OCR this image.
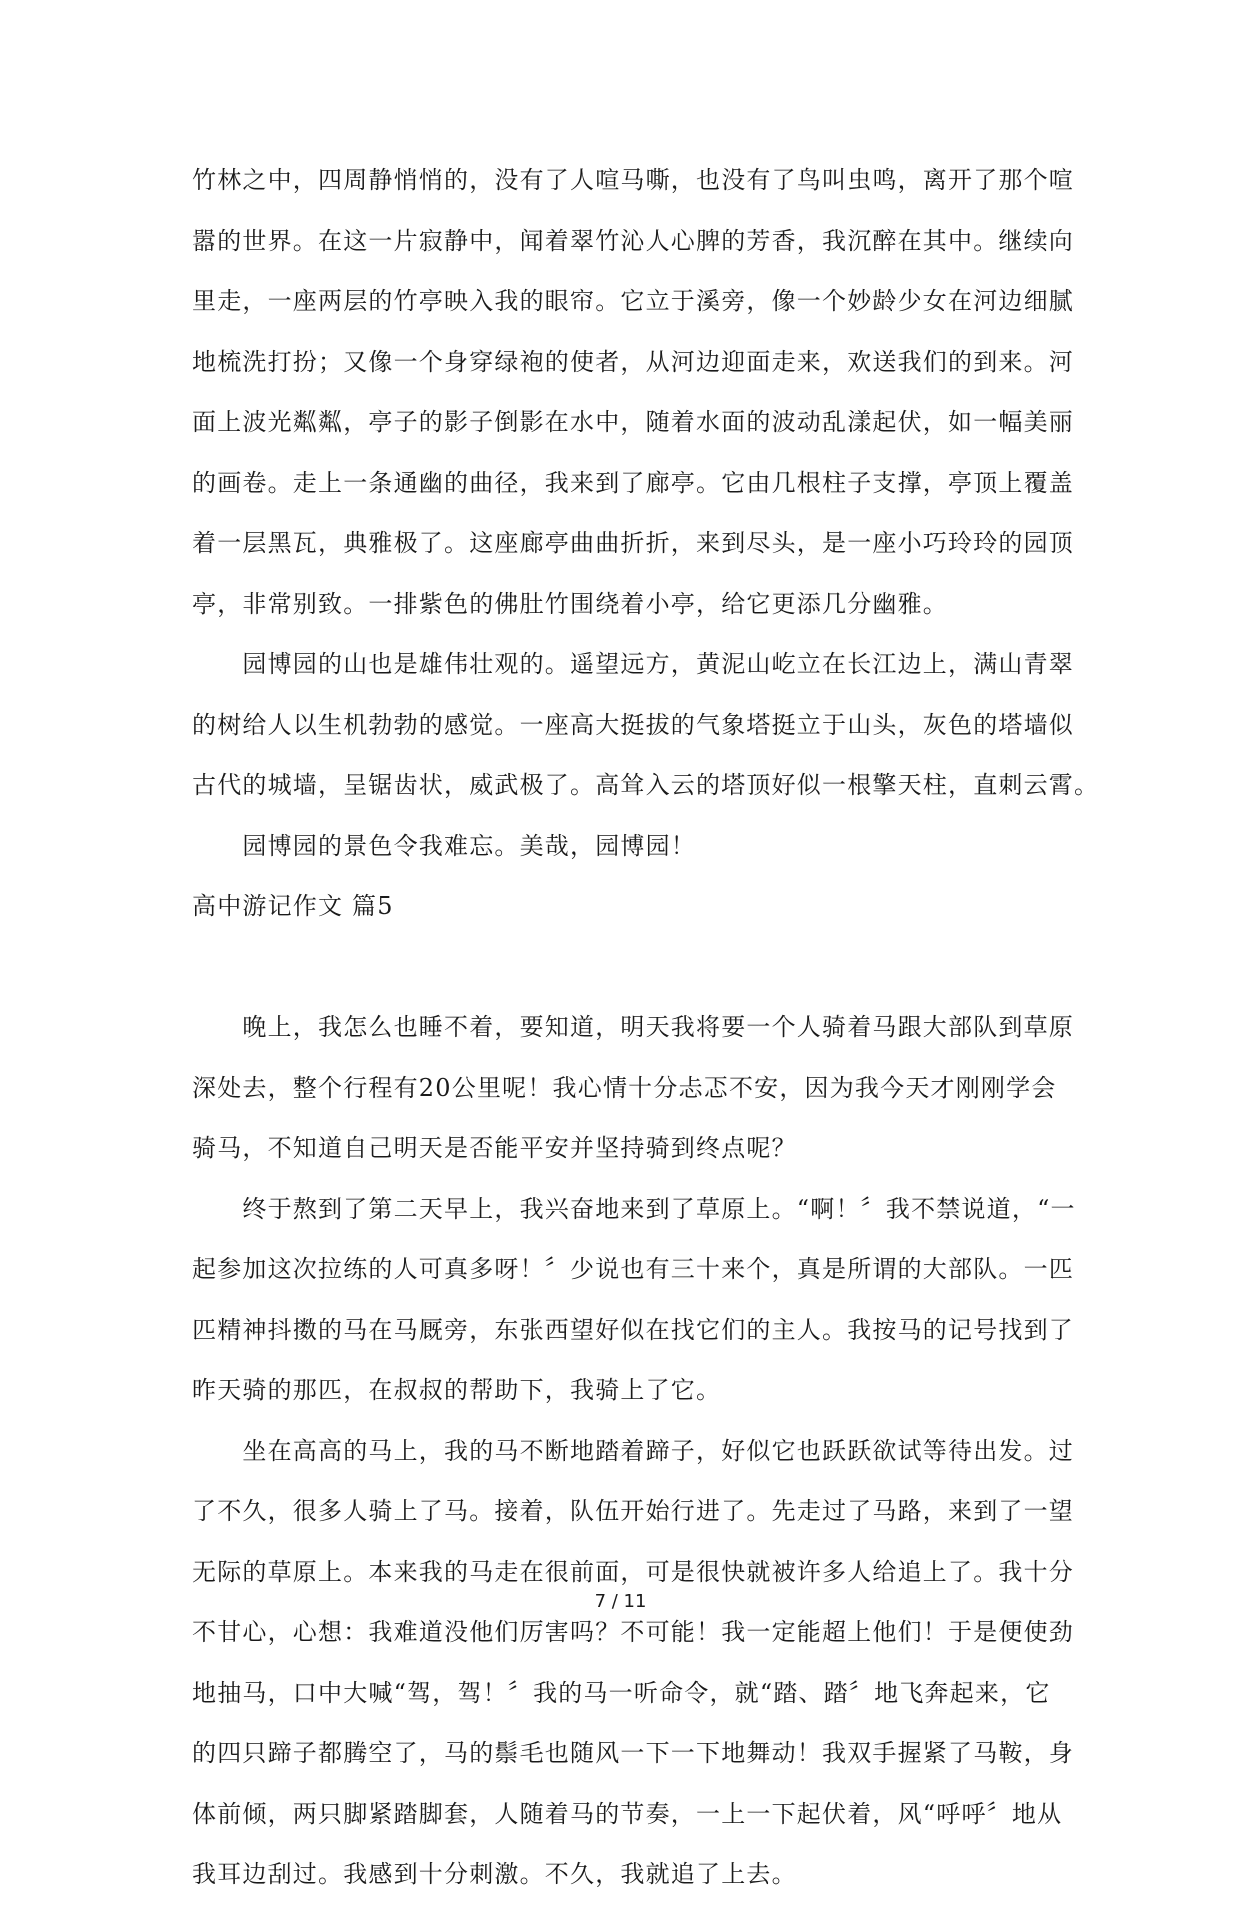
竹林之中，四周静悄悄的，没有了人喧马嘶，也没有了鸟叫虫鸣，离开了那个喧
嚣的世界。在这一片寂静中，闻着翠竹沁人心脾的芳香，我沉醉在其中。继续向
里走，一座两层的竹亭映入我的眼帘。它立于溪旁，像一个妙龄少女在河边细腻
地梳洗打扮；又像一个身穿绿袍的使者，从河边迎面走来，欢送我们的到来。河
面上波光粼粼，亭子的影子倒影在水中，随着水面的波动乱漾起伏，如一幅美丽
的画卷。走上一条通幽的曲径，我来到了廊亭。它由几根柱子支撑，亭顶上覆盖
着一层黑瓦，典雅极了。这座廊亭曲曲折折，来到尽头，是一座小巧玲玲的园顶
亭，非常别致。一排紫色的佛肚竹围绕着小亭，给它更添几分幽雅。
　　园博园的山也是雄伟壮观的。遥望远方，黄泥山屹立在长江边上，满山青翠
的树给人以生机勃勃的感觉。一座高大挺拔的气象塔挺立于山头，灰色的塔墙似
古代的城墙，呈锯齿状，威武极了。高耸入云的塔顶好似一根擎天柱，直刺云霄。
　　园博园的景色令我难忘。美哉，园博园！
高中游记作文 篇5
　　晚上，我怎么也睡不着，要知道，明天我将要一个人骑着马跟大部队到草原
深处去，整个行程有20公里呢！我心情十分忐忑不安，因为我今天才刚刚学会
骑马，不知道自己明天是否能平安并坚持骑到终点呢？
　　终于熬到了第二天早上，我兴奋地来到了草原上。“啊！〞我不禁说道，“一
起参加这次拉练的人可真多呀！〞少说也有三十来个，真是所谓的大部队。一匹
匹精神抖擞的马在马厩旁，东张西望好似在找它们的主人。我按马的记号找到了
昨天骑的那匹，在叔叔的帮助下，我骑上了它。
　　坐在高高的马上，我的马不断地踏着蹄子，好似它也跃跃欲试等待出发。过
了不久，很多人骑上了马。接着，队伍开始行进了。先走过了马路，来到了一望
无际的草原上。本来我的马走在很前面，可是很快就被许多人给追上了。我十分
不甘心，心想：我难道没他们厉害吗？不可能！我一定能超上他们！于是便使劲
地抽马，口中大喊“驾，驾！〞我的马一听命令，就“踏、踏〞地飞奔起来，它
的四只蹄子都腾空了，马的鬃毛也随风一下一下地舞动！我双手握紧了马鞍，身
体前倾，两只脚紧踏脚套，人随着马的节奏，一上一下起伏着，风“呼呼〞地从
我耳边刮过。我感到十分刺激。不久，我就追了上去。
7 / 11
